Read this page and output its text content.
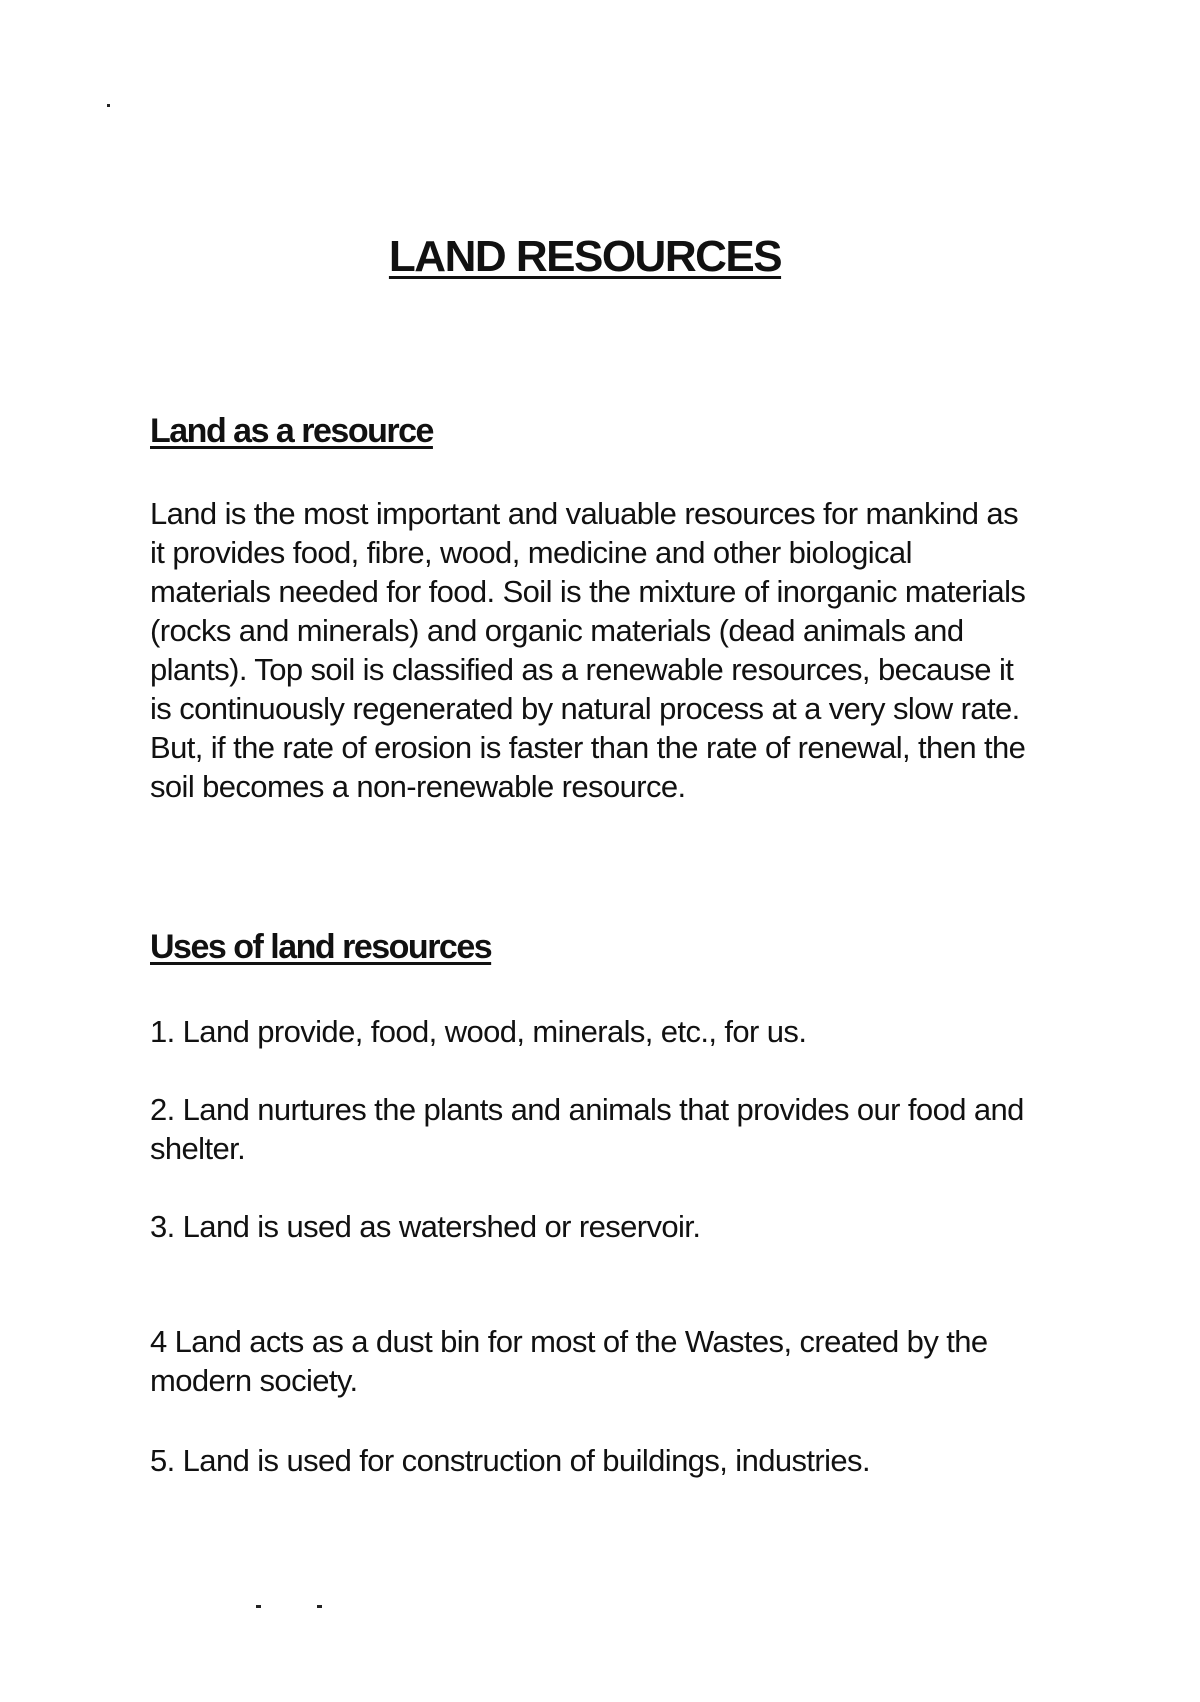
LAND RESOURCES
Land as a resource

Land is the most important and valuable resources for mankind as it provides food, fibre, wood, medicine and other biological materials needed for food. Soil is the mixture of inorganic materials (rocks and minerals) and organic materials (dead animals and plants). Top soil is classified as a renewable resources, because it is continuously regenerated by natural process at a very slow rate. But, if the rate of erosion is faster than the rate of renewal, then the soil becomes a non-renewable resource.

Uses of land resources

1. Land provide, food, wood, minerals, etc., for us.

2. Land nurtures the plants and animals that provides our food and shelter.

3. Land is used as watershed or reservoir.

4 Land acts as a dust bin for most of the Wastes, created by the modern society.

5. Land is used for construction of buildings, industries.
